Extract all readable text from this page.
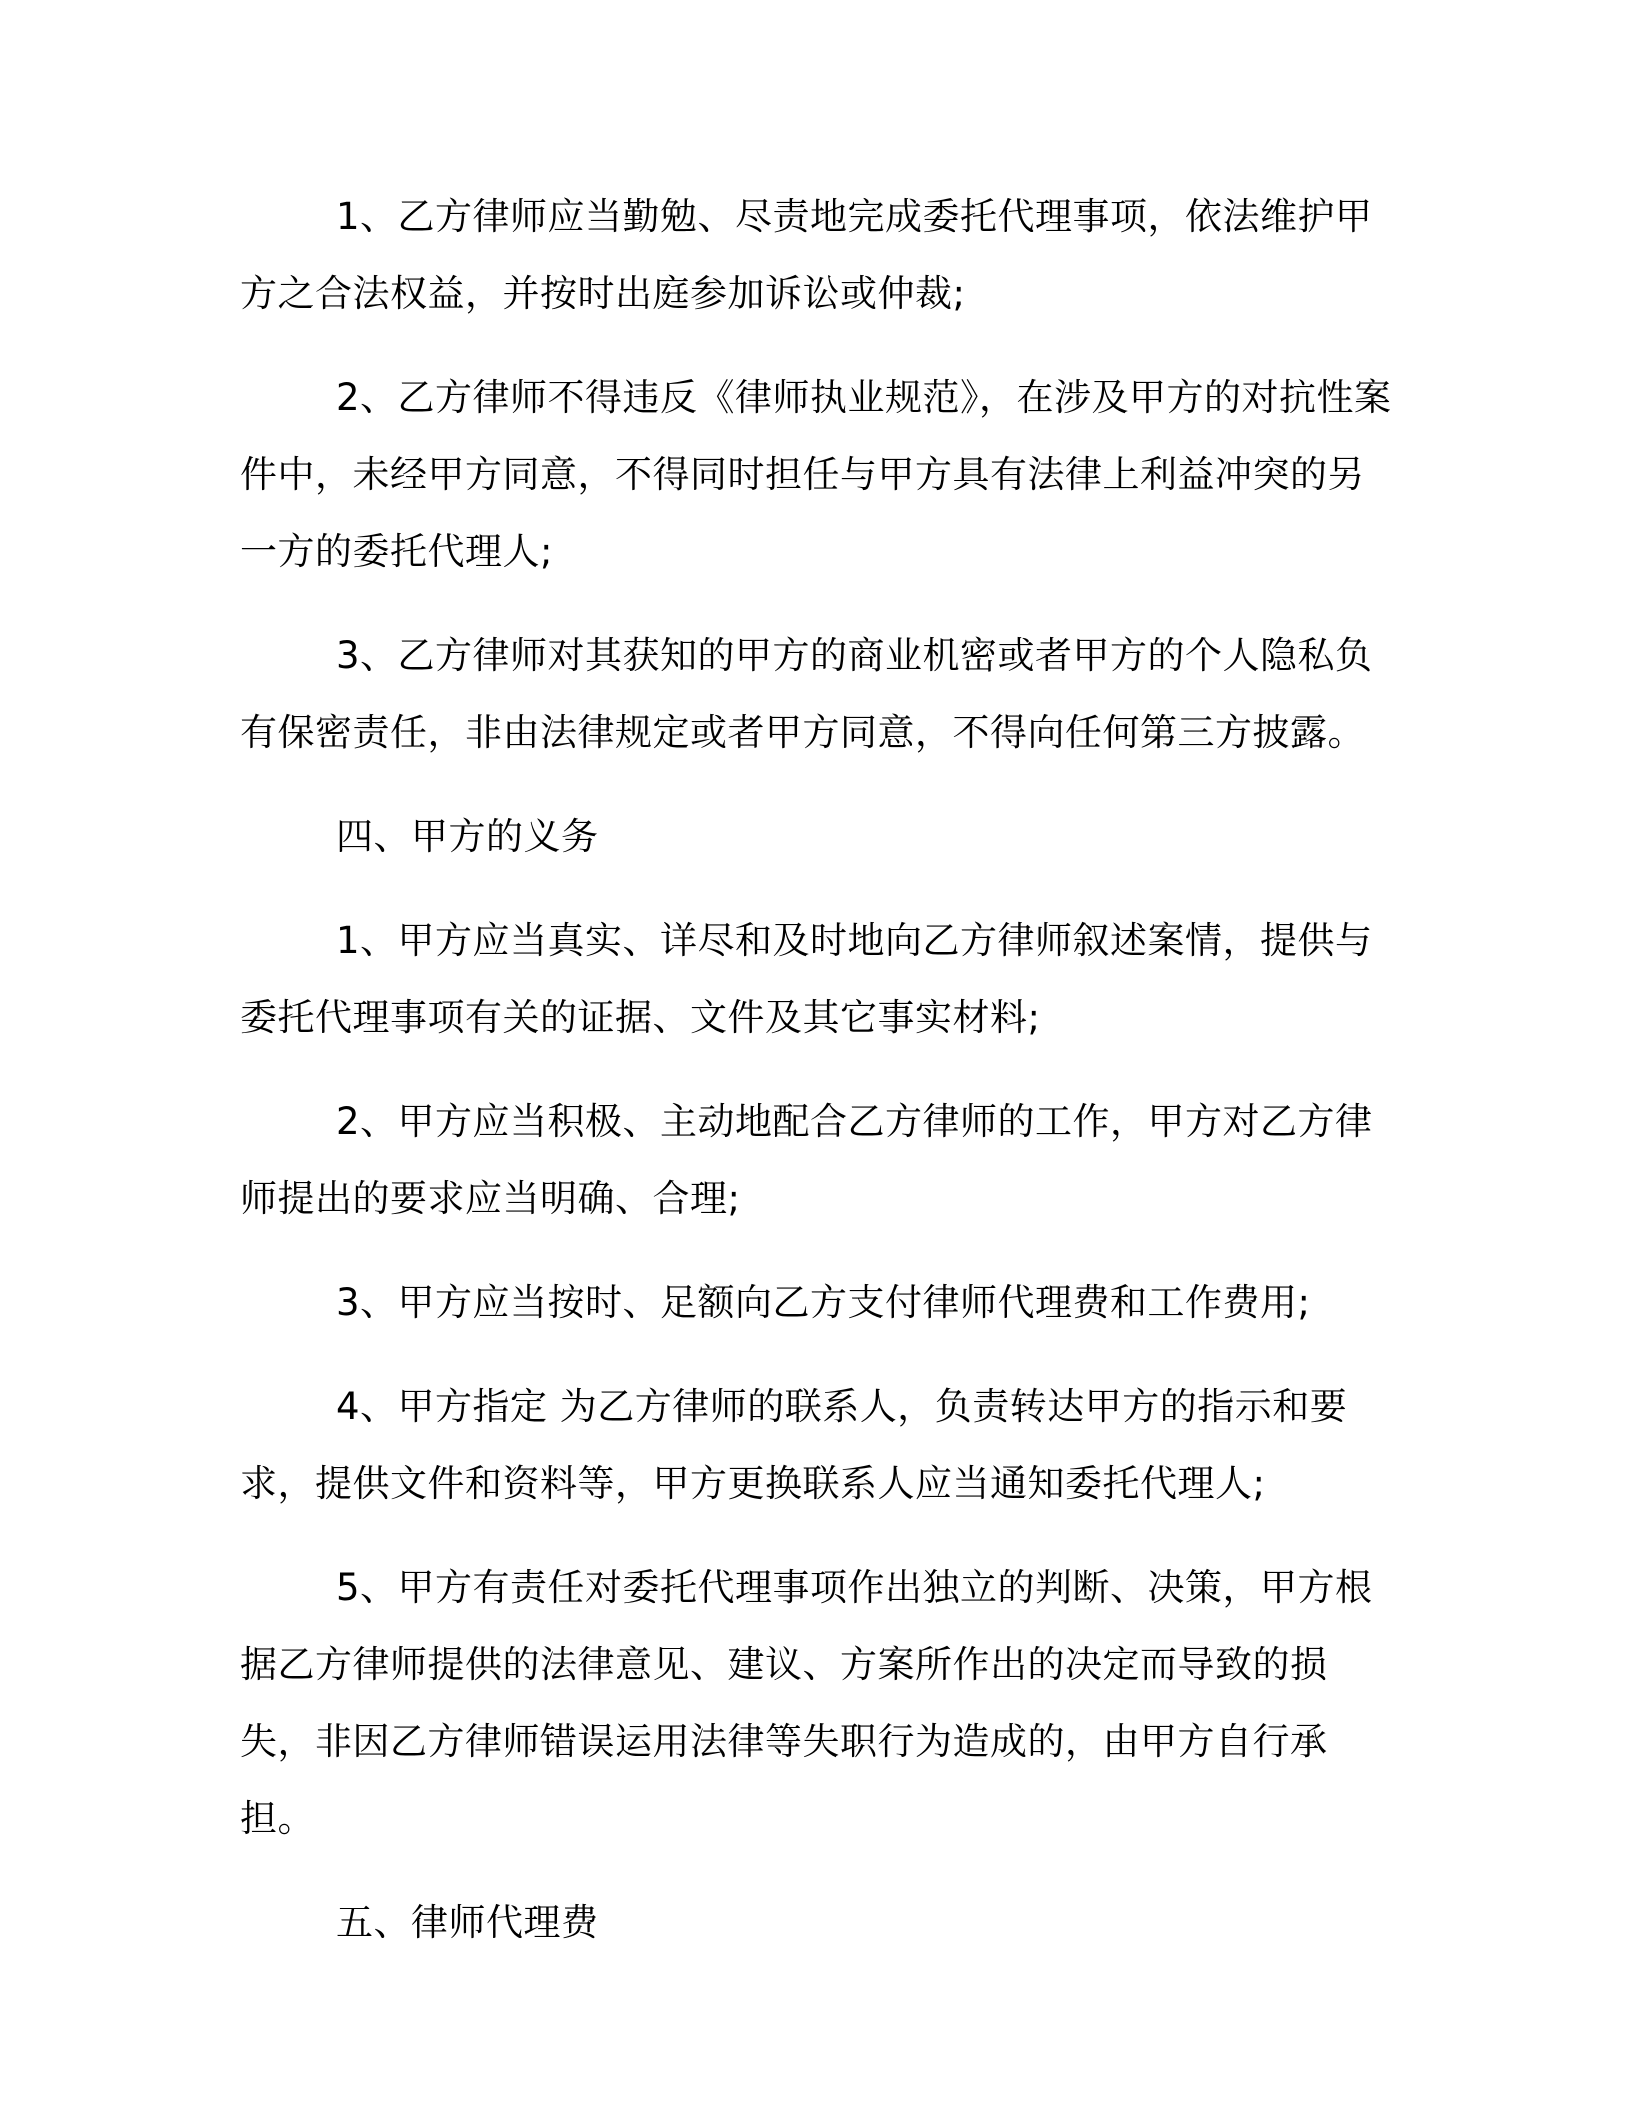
1、乙方律师应当勤勉、尽责地完成委托代理事项，依法维护甲方之合法权益，并按时出庭参加诉讼或仲裁;

2、乙方律师不得违反《律师执业规范》，在涉及甲方的对抗性案件中，未经甲方同意，不得同时担任与甲方具有法律上利益冲突的另一方的委托代理人;

3、乙方律师对其获知的甲方的商业机密或者甲方的个人隐私负有保密责任，非由法律规定或者甲方同意，不得向任何第三方披露。

四、甲方的义务

1、甲方应当真实、详尽和及时地向乙方律师叙述案情，提供与委托代理事项有关的证据、文件及其它事实材料;

2、甲方应当积极、主动地配合乙方律师的工作，甲方对乙方律师提出的要求应当明确、合理;

3、甲方应当按时、足额向乙方支付律师代理费和工作费用;

4、甲方指定 为乙方律师的联系人，负责转达甲方的指示和要求，提供文件和资料等，甲方更换联系人应当通知委托代理人;

5、甲方有责任对委托代理事项作出独立的判断、决策，甲方根据乙方律师提供的法律意见、建议、方案所作出的决定而导致的损失，非因乙方律师错误运用法律等失职行为造成的，由甲方自行承担。

五、律师代理费
